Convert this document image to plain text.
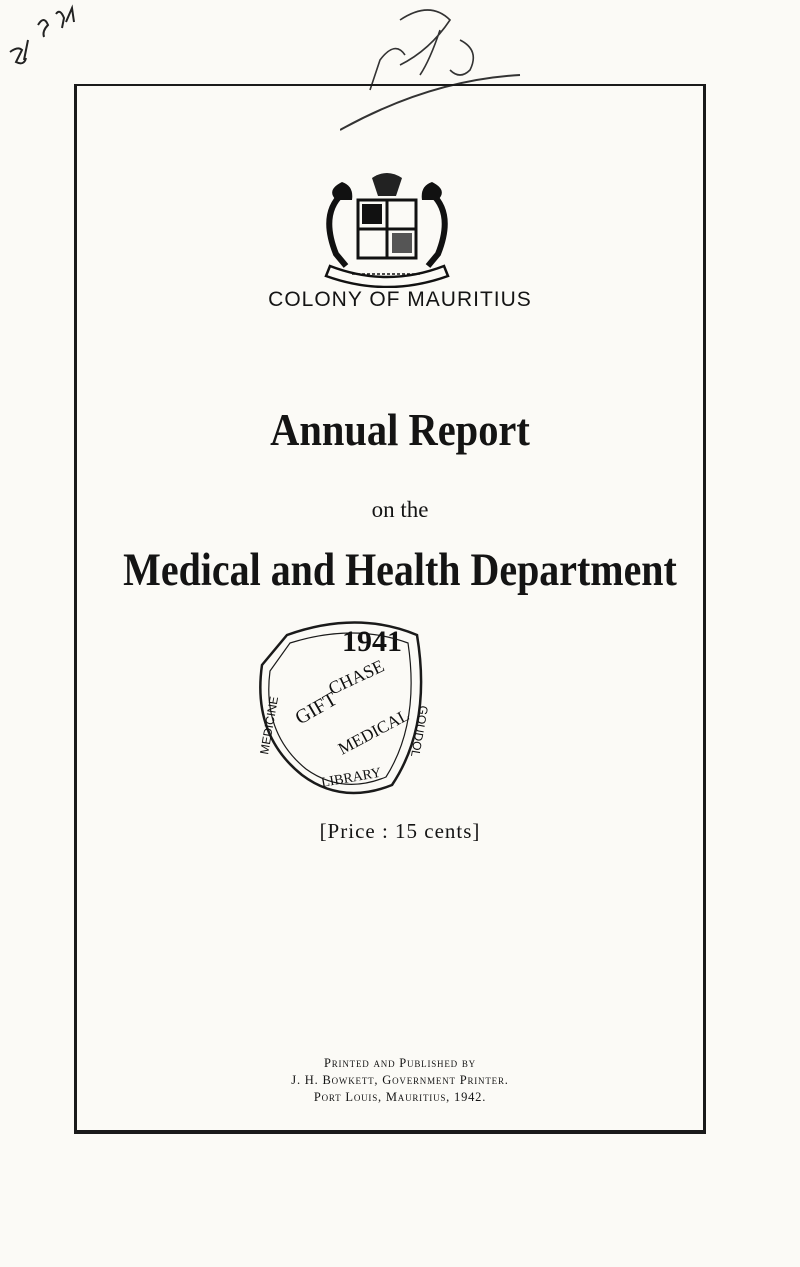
COLONY OF MAURITIUS
Annual Report
on the
Medical and Health Department
1941
GIFT
CHASE
MEDICAL
MEDICINE	GOUDOL
LIBRARY
[Price : 15 cents]
Printed and Published by
J. H. Bowkett, Government Printer.
Port Louis, Mauritius, 1942.
